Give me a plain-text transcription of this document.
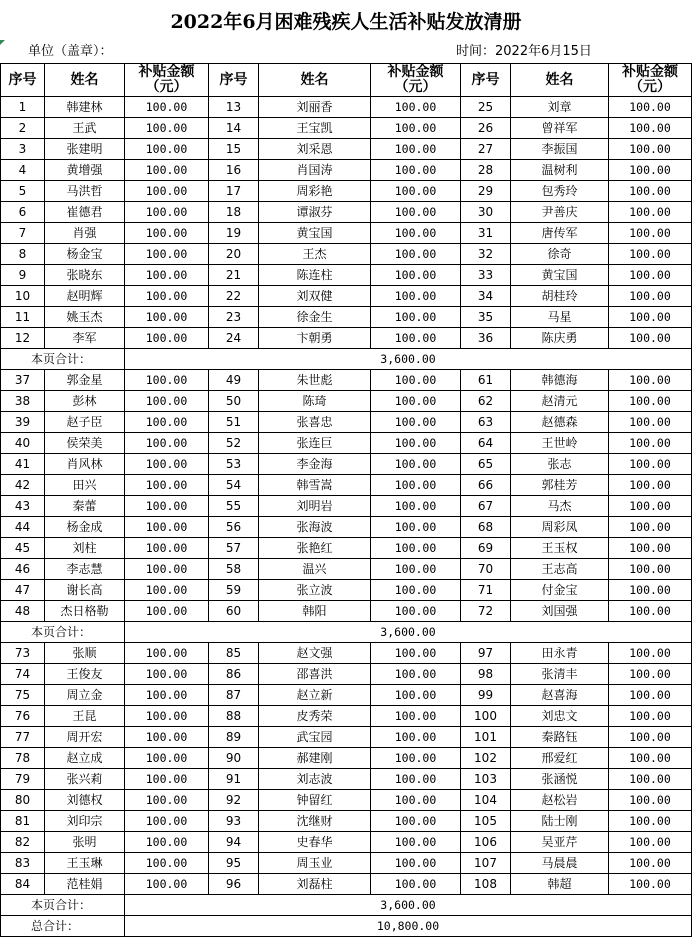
2022年6月困难残疾人生活补贴发放清册
单位（盖章）：	时间：2022年6月15日
序号	姓名	补贴金额（元）	序号	姓名	补贴金额（元）	序号	姓名	补贴金额（元）
1	韩建林	100.00	13	刘丽香	100.00	25	刘章	100.00
2	王武	100.00	14	王宝凯	100.00	26	曾祥军	100.00
3	张建明	100.00	15	刘采恩	100.00	27	李振国	100.00
4	黄增强	100.00	16	肖国涛	100.00	28	温树利	100.00
5	马洪哲	100.00	17	周彩艳	100.00	29	包秀玲	100.00
6	崔德君	100.00	18	谭淑芬	100.00	30	尹善庆	100.00
7	肖强	100.00	19	黄宝国	100.00	31	唐传军	100.00
8	杨金宝	100.00	20	王杰	100.00	32	徐奇	100.00
9	张晓东	100.00	21	陈连柱	100.00	33	黄宝国	100.00
10	赵明辉	100.00	22	刘双健	100.00	34	胡桂玲	100.00
11	姚玉杰	100.00	23	徐金生	100.00	35	马星	100.00
12	李军	100.00	24	卞朝勇	100.00	36	陈庆勇	100.00
本页合计：		3,600.00						
37	郭金星	100.00	49	朱世彪	100.00	61	韩德海	100.00
38	彭林	100.00	50	陈琦	100.00	62	赵清元	100.00
39	赵子臣	100.00	51	张喜忠	100.00	63	赵德森	100.00
40	侯荣美	100.00	52	张连巨	100.00	64	王世岭	100.00
41	肖风林	100.00	53	李金海	100.00	65	张志	100.00
42	田兴	100.00	54	韩雪嵩	100.00	66	郭桂芳	100.00
43	秦蕾	100.00	55	刘明岩	100.00	67	马杰	100.00
44	杨金成	100.00	56	张海波	100.00	68	周彩凤	100.00
45	刘柱	100.00	57	张艳红	100.00	69	王玉权	100.00
46	李志慧	100.00	58	温兴	100.00	70	王志高	100.00
47	谢长高	100.00	59	张立波	100.00	71	付金宝	100.00
48	杰日格勒	100.00	60	韩阳	100.00	72	刘国强	100.00
本页合计：		3,600.00						
73	张顺	100.00	85	赵文强	100.00	97	田永青	100.00
74	王俊友	100.00	86	邵喜洪	100.00	98	张清丰	100.00
75	周立金	100.00	87	赵立新	100.00	99	赵喜海	100.00
76	王昆	100.00	88	皮秀荣	100.00	100	刘忠文	100.00
77	周开宏	100.00	89	武宝园	100.00	101	秦路钰	100.00
78	赵立成	100.00	90	郝建刚	100.00	102	邢爱红	100.00
79	张兴莉	100.00	91	刘志波	100.00	103	张涵悦	100.00
80	刘德权	100.00	92	钟留红	100.00	104	赵松岩	100.00
81	刘印宗	100.00	93	沈继财	100.00	105	陆士刚	100.00
82	张明	100.00	94	史春华	100.00	106	吴亚芹	100.00
83	王玉琳	100.00	95	周玉业	100.00	107	马晨晨	100.00
84	范桂娟	100.00	96	刘磊柱	100.00	108	韩超	100.00
本页合计：		3,600.00						
总合计：		10,800.00						
